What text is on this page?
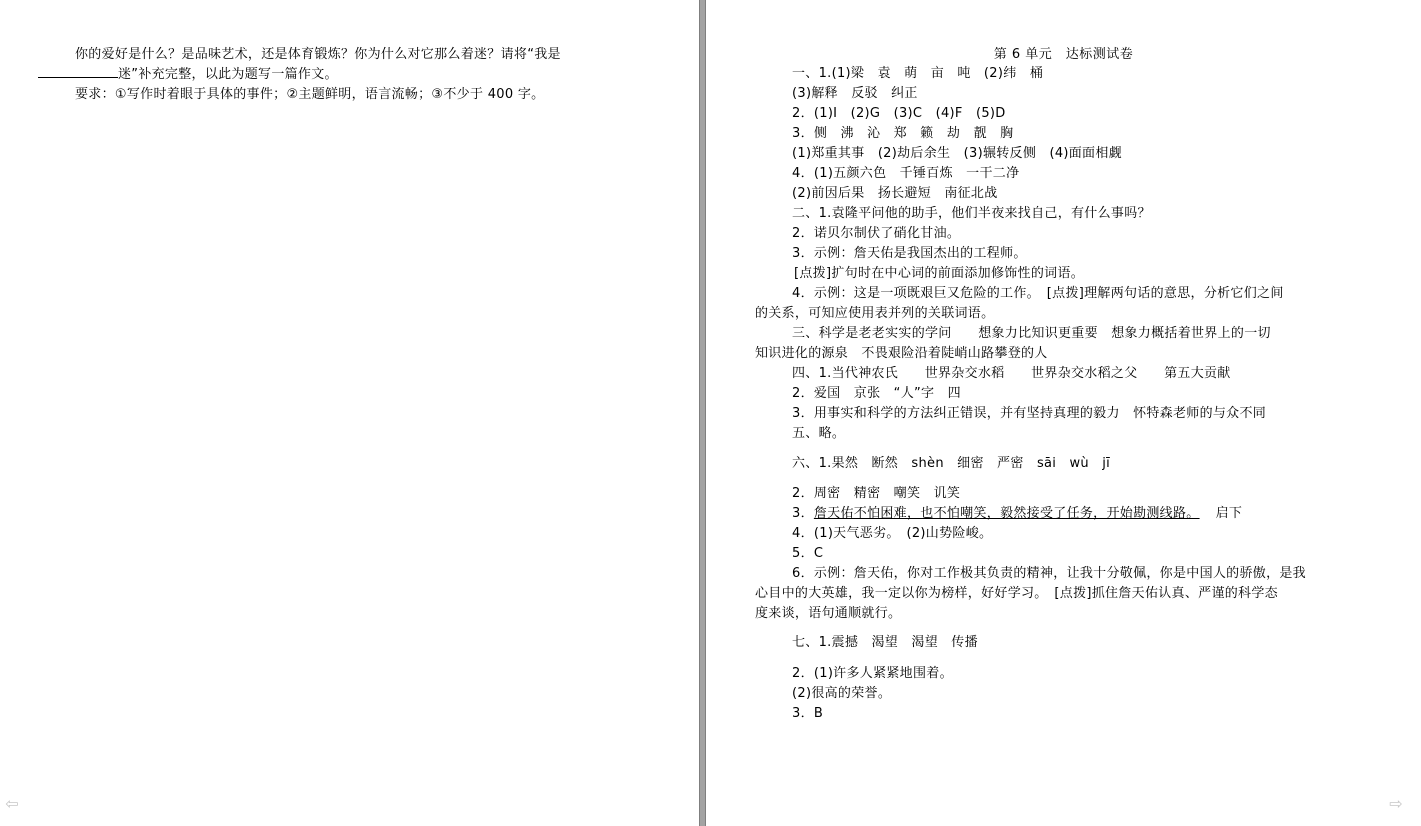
你的爱好是什么？是品味艺术，还是体育锻炼？你为什么对它那么着迷？请将“我是
迷”补充完整，以此为题写一篇作文。
要求：①写作时着眼于具体的事件；②主题鲜明，语言流畅；③不少于 400 字。
第 6 单元　达标测试卷
一、1.(1)梁　袁　萌　亩　吨　(2)纬　桶
(3)解释　反驳　纠正
2．(1)I　(2)G　(3)C　(4)F　(5)D
3．侧　沸　沁　郑　籁　劫　靓　胸
(1)郑重其事　(2)劫后余生　(3)辗转反侧　(4)面面相觑
4．(1)五颜六色　千锤百炼　一干二净
(2)前因后果　扬长避短　南征北战
二、1.袁隆平问他的助手，他们半夜来找自己，有什么事吗？
2．诺贝尔制伏了硝化甘油。
3．示例：詹天佑是我国杰出的工程师。
[点拨]扩句时在中心词的前面添加修饰性的词语。
4．示例：这是一项既艰巨又危险的工作。　[点拨]理解两句话的意思，分析它们之间
的关系，可知应使用表并列的关联词语。
三、科学是老老实实的学问　　想象力比知识更重要　想象力概括着世界上的一切
知识进化的源泉　不畏艰险沿着陡峭山路攀登的人
四、1.当代神农氏　　世界杂交水稻　　世界杂交水稻之父　　第五大贡献
2．爱国　京张　“人”字　四
3．用事实和科学的方法纠正错误，并有坚持真理的毅力　怀特森老师的与众不同
五、略。
六、1.果然　断然　shèn　细密　严密　sāi　wù　jī
2．周密　精密　嘲笑　讥笑
3．詹天佑不怕困难，也不怕嘲笑，毅然接受了任务，开始勘测线路。 启下
4．(1)天气恶劣。　(2)山势险峻。
5．C
6．示例：詹天佑，你对工作极其负责的精神，让我十分敬佩，你是中国人的骄傲，是我
心目中的大英雄，我一定以你为榜样，好好学习。　[点拨]抓住詹天佑认真、严谨的科学态
度来谈，语句通顺就行。
七、1.震撼　渴望　渴望　传播
2．(1)许多人紧紧地围着。
(2)很高的荣誉。
3．B
⇦	⇨
